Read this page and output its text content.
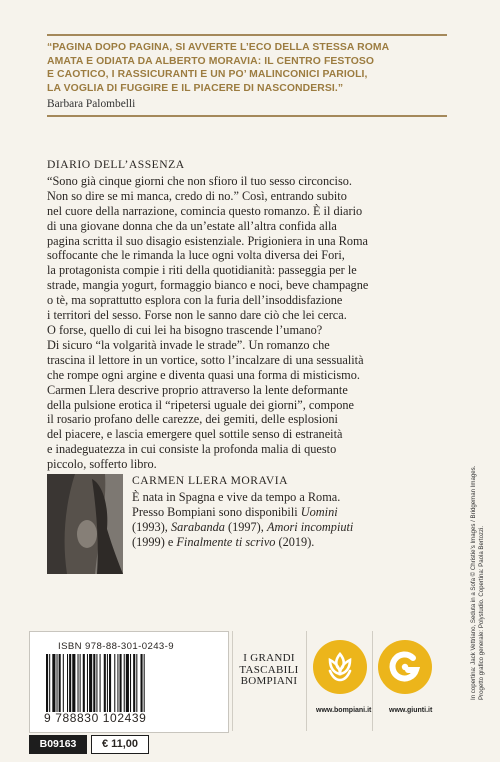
“PAGINA DOPO PAGINA, SI AVVERTE L’ECO DELLA STESSA ROMA
AMATA E ODIATA DA ALBERTO MORAVIA: IL CENTRO FESTOSO
E CAOTICO, I RASSICURANTI E UN PO’ MALINCONICI PARIOLI,
LA VOGLIA DI FUGGIRE E IL PIACERE DI NASCONDERSI.”
Barbara Palombelli
DIARIO DELL’ASSENZA
“Sono già cinque giorni che non sfioro il tuo sesso circonciso.
Non so dire se mi manca, credo di no.” Così, entrando subito
nel cuore della narrazione, comincia questo romanzo. È il diario
di una giovane donna che da un’estate all’altra confida alla
pagina scritta il suo disagio esistenziale. Prigioniera in una Roma
soffocante che le rimanda la luce ogni volta diversa dei Fori,
la protagonista compie i riti della quotidianità: passeggia per le
strade, mangia yogurt, formaggio bianco e noci, beve champagne
o tè, ma soprattutto esplora con la furia dell’insoddisfazione
i territori del sesso. Forse non le sanno dare ciò che lei cerca.
O forse, quello di cui lei ha bisogno trascende l’umano?
Di sicuro “la volgarità invade le strade”. Un romanzo che
trascina il lettore in un vortice, sotto l’incalzare di una sessualità
che rompe ogni argine e diventa quasi una forma di misticismo.
Carmen Llera descrive proprio attraverso la lente deformante
della pulsione erotica il “ripetersi uguale dei giorni”, compone
il rosario profano delle carezze, dei gemiti, delle esplosioni
del piacere, e lascia emergere quel sottile senso di estraneità
e inadeguatezza in cui consiste la profonda malia di questo
piccolo, sofferto libro.
CARMEN LLERA MORAVIA
È nata in Spagna e vive da tempo a Roma.
Presso Bompiani sono disponibili Uomini
(1993), Sarabanda (1997), Amori incompiuti
(1999) e Finalmente ti scrivo (2019).
In copertina: Jack Vettriano, Seduta in a Sofa © Christie’s Images / Bridgeman Images.
Progetto grafico generale: Polystudio. Copertina: Paola Bertozzi.
ISBN 978-88-301-0243-9
9 788830 102439
B09163	€ 11,00
I GRANDI
TASCABILI
BOMPIANI
www.bompiani.it	www.giunti.it
